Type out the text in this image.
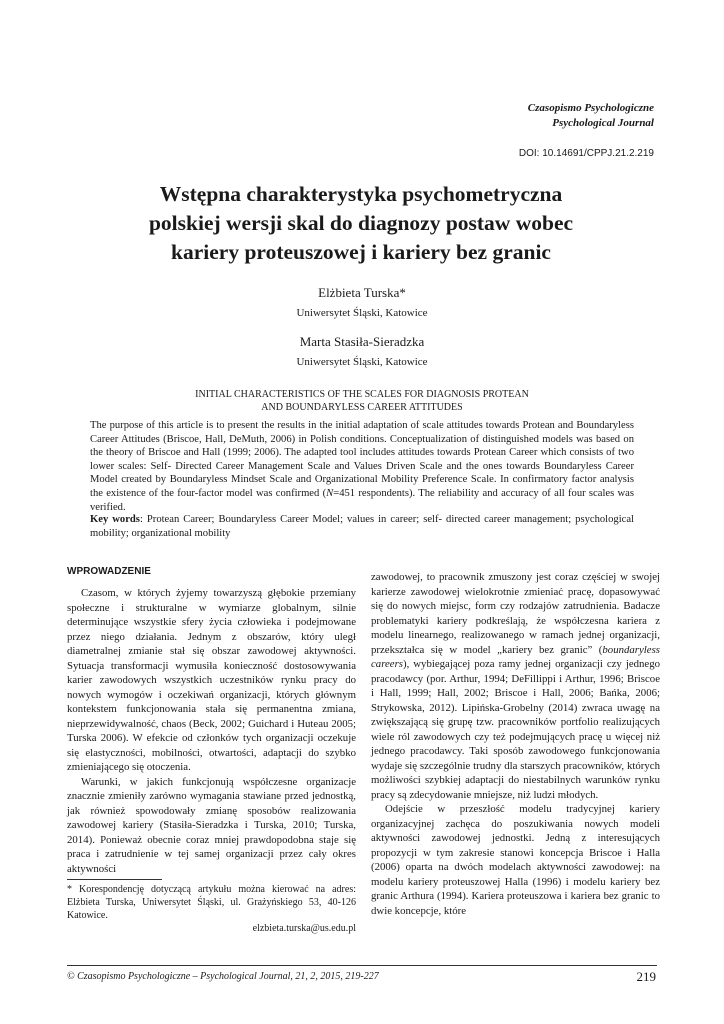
Czasopismo Psychologiczne
Psychological Journal
DOI: 10.14691/CPPJ.21.2.219
Wstępna charakterystyka psychometryczna
polskiej wersji skal do diagnozy postaw wobec
kariery proteuszowej i kariery bez granic
Elżbieta Turska*
Uniwersytet Śląski, Katowice
Marta Stasiła-Sieradzka
Uniwersytet Śląski, Katowice
INITIAL CHARACTERISTICS OF THE SCALES FOR DIAGNOSIS PROTEAN
AND BOUNDARYLESS CAREER ATTITUDES

The purpose of this article is to present the results in the initial adaptation of scale attitudes towards Protean and Boundaryless Career Attitudes (Briscoe, Hall, DeMuth, 2006) in Polish conditions. Conceptualization of distinguished models was based on the theory of Briscoe and Hall (1999; 2006). The adapted tool includes attitudes towards Protean Career which consists of two lower scales: Self- Directed Career Management Scale and Values Driven Scale and the ones towards Boundaryless Career Model created by Boundaryless Mindset Scale and Organizational Mobility Preference Scale. In confirmatory factor analysis the existence of the four-factor model was confirmed (N=451 respondents). The reliability and accuracy of all four scales was verified.

Key words: Protean Career; Boundaryless Career Model; values in career; self- directed career management; psychological mobility; organizational mobility

WPROWADZENIE

Czasom, w których żyjemy towarzyszą głębokie przemiany społeczne i strukturalne w wymiarze globalnym, silnie determinujące wszystkie sfery życia człowieka i podejmowane przez niego działania. Jednym z obszarów, który uległ diametralnej zmianie stał się obszar zawodowej aktywności. Sytuacja transformacji wymusiła konieczność dostosowywania karier zawodowych wszystkich uczestników rynku pracy do nowych wymogów i oczekiwań organizacji, których głównym kontekstem funkcjonowania stała się permanentna zmiana, nieprzewidywalność, chaos (Beck, 2002; Guichard i Huteau 2005; Turska 2006). W efekcie od członków tych organizacji oczekuje się elastyczności, mobilności, otwartości, adaptacji do szybko zmieniającego się otoczenia.

Warunki, w jakich funkcjonują współczesne organizacje znacznie zmieniły zarówno wymagania stawiane przed jednostką, jak również spowodowały zmianę sposobów realizowania zawodowej kariery (Stasiła-Sieradzka i Turska, 2010; Turska, 2014). Ponieważ obecnie coraz mniej prawdopodobna staje się praca i zatrudnienie w tej samej organizacji przez cały okres aktywności

zawodowej, to pracownik zmuszony jest coraz częściej w swojej karierze zawodowej wielokrotnie zmieniać pracę, dopasowywać się do nowych miejsc, form czy rodzajów zatrudnienia. Badacze problematyki kariery podkreślają, że współczesna kariera z modelu linearnego, realizowanego w ramach jednej organizacji, przekształca się w model „kariery bez granic” (boundaryless careers), wybiegającej poza ramy jednej organizacji czy jednego pracodawcy (por. Arthur, 1994; DeFillippi i Arthur, 1996; Briscoe i Hall, 1999; Hall, 2002; Briscoe i Hall, 2006; Bańka, 2006; Strykowska, 2012). Lipińska-Grobelny (2014) zwraca uwagę na zwiększającą się grupę tzw. pracowników portfolio realizujących wiele ról zawodowych czy też podejmujących pracę u więcej niż jednego pracodawcy. Taki sposób zawodowego funkcjonowania wydaje się szczególnie trudny dla starszych pracowników, których możliwości szybkiej adaptacji do niestabilnych warunków rynku pracy są zdecydowanie mniejsze, niż ludzi młodych.

Odejście w przeszłość modelu tradycyjnej kariery organizacyjnej zachęca do poszukiwania nowych modeli aktywności zawodowej jednostki. Jedną z interesujących propozycji w tym zakresie stanowi koncepcja Briscoe i Halla (2006) oparta na dwóch modelach aktywności zawodowej: na modelu kariery proteuszowej Halla (1996) i modelu kariery bez granic Arthura (1994). Kariera proteuszowa i kariera bez granic to dwie koncepcje, które

* Korespondencję dotyczącą artykułu można kierować na adres: Elżbieta Turska, Uniwersytet Śląski, ul. Grażyńskiego 53, 40-126 Katowice.

elzbieta.turska@us.edu.pl
© Czasopismo Psychologiczne – Psychological Journal, 21, 2, 2015, 219-227	219
